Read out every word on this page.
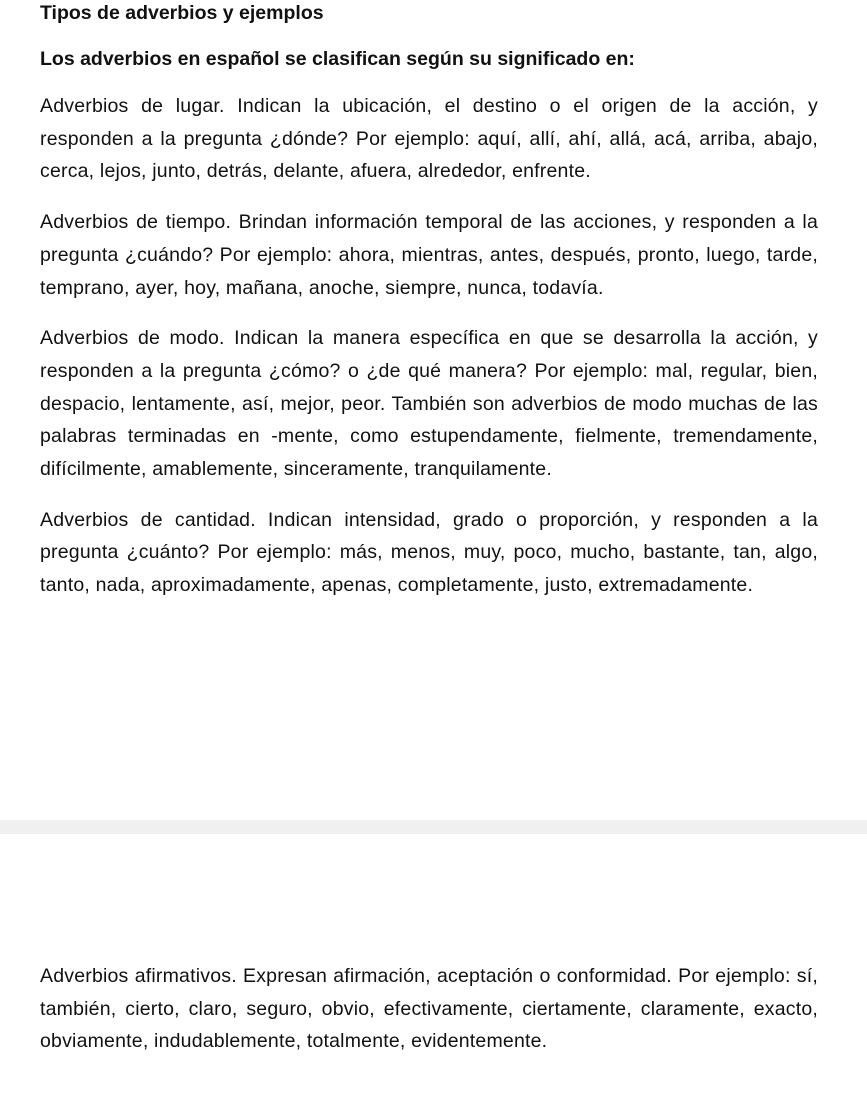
Tipos de adverbios y ejemplos

Los adverbios en español se clasifican según su significado en:

Adverbios de lugar. Indican la ubicación, el destino o el origen de la acción, y responden a la pregunta ¿dónde? Por ejemplo: aquí, allí, ahí, allá, acá, arriba, abajo, cerca, lejos, junto, detrás, delante, afuera, alrededor, enfrente.

Adverbios de tiempo. Brindan información temporal de las acciones, y responden a la pregunta ¿cuándo? Por ejemplo: ahora, mientras, antes, después, pronto, luego, tarde, temprano, ayer, hoy, mañana, anoche, siempre, nunca, todavía.

Adverbios de modo. Indican la manera específica en que se desarrolla la acción, y responden a la pregunta ¿cómo? o ¿de qué manera? Por ejemplo: mal, regular, bien, despacio, lentamente, así, mejor, peor. También son adverbios de modo muchas de las palabras terminadas en -mente, como estupendamente, fielmente, tremendamente, difícilmente, amablemente, sinceramente, tranquilamente.

Adverbios de cantidad. Indican intensidad, grado o proporción, y responden a la pregunta ¿cuánto? Por ejemplo: más, menos, muy, poco, mucho, bastante, tan, algo, tanto, nada, aproximadamente, apenas, completamente, justo, extremadamente.

Adverbios afirmativos. Expresan afirmación, aceptación o conformidad. Por ejemplo: sí, también, cierto, claro, seguro, obvio, efectivamente, ciertamente, claramente, exacto, obviamente, indudablemente, totalmente, evidentemente.
